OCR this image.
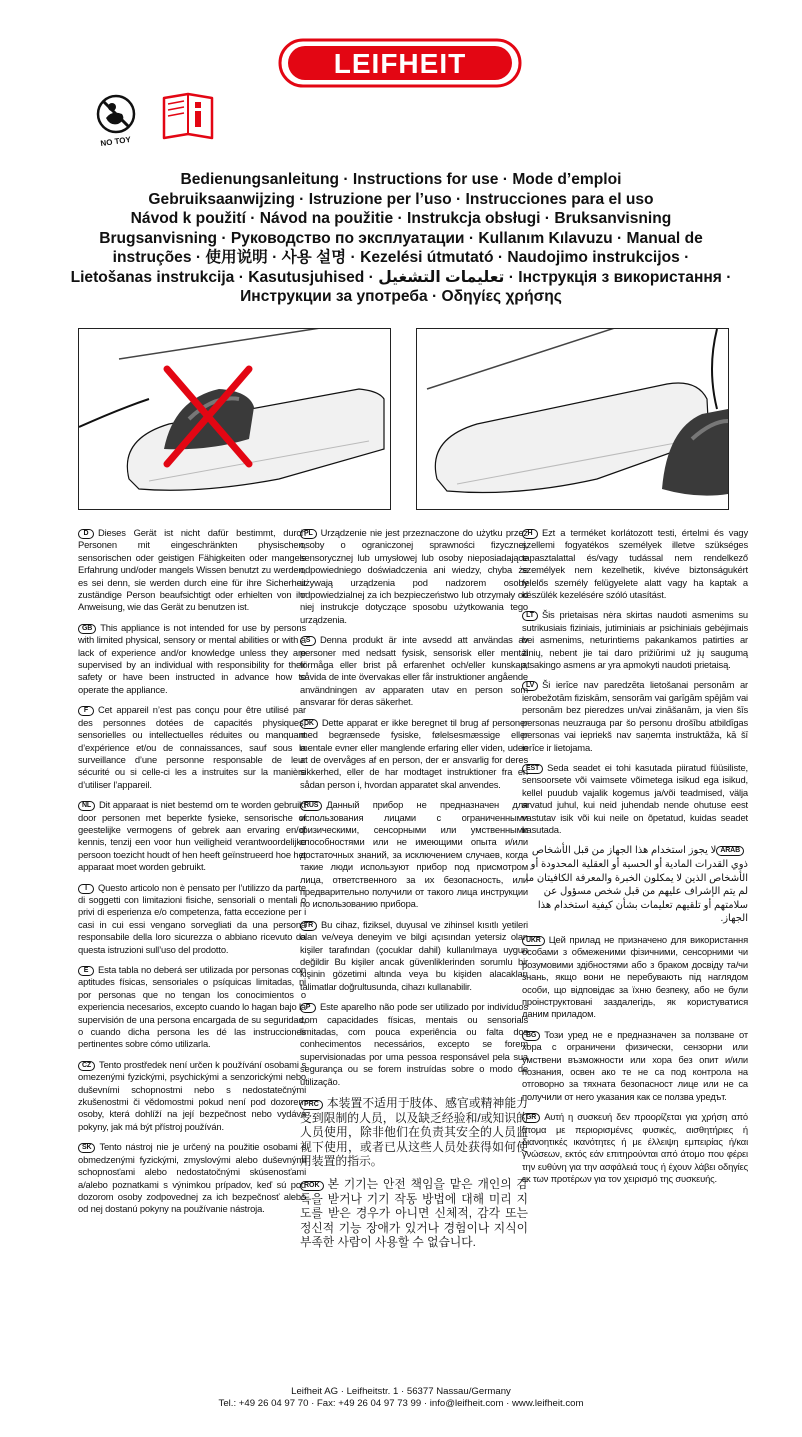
LEIFHEIT
NO TOY
Bedienungsanleitung · Instructions for use · Mode d’emploi
Gebruiksaanwijzing · Istruzione per l’uso · Instrucciones para el uso
Návod k použití · Návod na použitie · Instrukcja obsługi · Bruksanvisning
Brugsanvisning · Руководство по эксплуатации · Kullanım Kılavuzu · Manual de
instruções · 使用说明 · 사용 설명 · Kezelési útmutató · Naudojimo instrukcijos ·
Lietošanas instrukcija · Kasutusjuhised · تعليمات التشغيل · Інструкція з використання ·
Инструкции за употреба · Οδηγίες χρήσης

D Dieses Gerät ist nicht dafür bestimmt, durch Personen mit eingeschränkten physischen, sensorischen oder geistigen Fähigkeiten oder mangels Erfahrung und/oder mangels Wissen benutzt zu werden, es sei denn, sie werden durch eine für ihre Sicherheit zuständige Person beaufsichtigt oder erhielten von ihr Anweisung, wie das Gerät zu benutzen ist.

GB This appliance is not intended for use by persons with limited physical, sensory or mental abilities or with a lack of experience and/or knowledge unless they are supervised by an individual with responsibility for their safety or have been instructed in advance how to operate the appliance.

F Cet appareil n’est pas conçu pour être utilisé par des personnes dotées de capacités physiques, sensorielles ou intellectuelles réduites ou manquant d’expérience et/ou de connaissances, sauf sous la surveillance d’une personne responsable de leur sécurité ou si celle-ci les a instruites sur la manière d’utiliser l’appareil.

NL Dit apparaat is niet bestemd om te worden gebruikt door personen met beperkte fysieke, sensorische of geestelijke vermogens of gebrek aan ervaring en/of kennis, tenzij een voor hun veiligheid verantwoordelijke persoon toezicht houdt of hen heeft geïnstrueerd hoe het apparaat moet worden gebruikt.

I Questo articolo non è pensato per l’utilizzo da parte di soggetti con limitazioni fisiche, sensoriali o mentali o privi di esperienza e/o competenza, fatta eccezione per i casi in cui essi vengano sorvegliati da una persona responsabile della loro sicurezza o abbiano ricevuto da questa istruzioni sull’uso del prodotto.

E Esta tabla no deberá ser utilizada por personas con aptitudes físicas, sensoriales o psíquicas limitadas, ni por personas que no tengan los conocimientos o experiencia necesarios, excepto cuando lo hagan bajo la supervisión de una persona encargada de su seguridad, o cuando dicha persona les dé las instrucciones pertinentes sobre cómo utilizarla.

CZ Tento prostředek není určen k používání osobami s omezenými fyzickými, psychickými a senzorickými nebo duševními schopnostmi nebo s nedostatečnými zkušenostmi či vědomostmi pokud není pod dozorem osoby, která dohlíží na její bezpečnost nebo vydává pokyny, jak má být přístroj používán.

SK Tento nástroj nie je určený na použitie osobami s obmedzenými fyzickými, zmyslovými alebo duševnými schopnosťami alebo nedostatočnými skúsenosťami a/alebo poznatkami s výnimkou prípadov, keď sú pod dozorom osoby zodpovednej za ich bezpečnosť alebo od nej dostanú pokyny na používanie nástroja.

PL Urządzenie nie jest przeznaczone do użytku przez osoby o ograniczonej sprawności fizycznej, sensorycznej lub umysłowej lub osoby nieposiadające odpowiedniego doświadczenia ani wiedzy, chyba że używają urządzenia pod nadzorem osoby odpowiedzialnej za ich bezpieczeństwo lub otrzymały od niej instrukcje dotyczące sposobu użytkowania tego urządzenia.

S Denna produkt är inte avsedd att användas av personer med nedsatt fysisk, sensorisk eller mental förmåga eller brist på erfarenhet och/eller kunskap, såvida de inte övervakas eller får instruktioner angående användningen av apparaten utav en person som ansvarar för deras säkerhet.

DK Dette apparat er ikke beregnet til brug af personer med begrænsede fysiske, følelsesmæssige eller mentale evner eller manglende erfaring eller viden, uden at de overvåges af en person, der er ansvarlig for deres sikkerhed, eller de har modtaget instruktioner fra en sådan person i, hvordan apparatet skal anvendes.

RUS Данный прибор не предназначен для использования лицами с ограниченными физическими, сенсорными или умственными способностями или не имеющими опыта и/или достаточных знаний, за исключением случаев, когда такие люди используют прибор под присмотром лица, ответственного за их безопасность, или предварительно получили от такого лица инструкции по использованию прибора.

TR Bu cihaz, fiziksel, duyusal ve zihinsel kısıtlı yetileri olan ve/veya deneyim ve bilgi açısından yetersiz olan kişiler tarafından (çocuklar dahil) kullanılmaya uygun değildir Bu kişiler ancak güvenliklerinden sorumlu bir kişinin gözetimi altında veya bu kişiden alacakları talimatlar doğrultusunda, cihazı kullanabilir.

P Este aparelho não pode ser utilizado por indivíduos com capacidades físicas, mentais ou sensoriais limitadas, com pouca experiência ou falta dos conhecimentos necessários, excepto se forem supervisionadas por uma pessoa responsável pela sua segurança ou se forem instruídas sobre o modo de utilização.

PRC 本装置不适用于肢体、感官或精神能力受到限制的人员，以及缺乏经验和/或知识的人员使用，除非他们在负责其安全的人员监视下使用，或者已从这些人员处获得如何使用装置的指示。

ROK 본 기기는 안전 책임을 맡은 개인의 감독을 받거나 기기 작동 방법에 대해 미리 지도를 받은 경우가 아니면 신체적, 감각 또는 정신적 기능 장애가 있거나 경험이나 지식이 부족한 사람이 사용할 수 없습니다.

H Ezt a terméket korlátozott testi, értelmi és vagy szellemi fogyatékos személyek illetve szükséges tapasztalattal és/vagy tudással nem rendelkező személyek nem kezelhetik, kivéve biztonságukért felelős személy felügyelete alatt vagy ha kaptak a készülék kezelésére szóló utasítást.

LT Šis prietaisas nėra skirtas naudoti asmenims su sutrikusiais fiziniais, jutiminiais ar psichiniais gebėjimais bei asmenims, neturintiems pakankamos patirties ar žinių, nebent jie tai daro prižiūrimi už jų saugumą atsakingo asmens ar yra apmokyti naudoti prietaisą.

LV Ši ierīce nav paredzēta lietošanai personām ar ierobežotām fiziskām, sensorām vai garīgām spējām vai personām bez pieredzes un/vai zināšanām, ja vien šīs personas neuzrauga par šo personu drošību atbildīgas personas vai iepriekš nav saņemta instruktāža, kā šī ierīce ir lietojama.

EST Seda seadet ei tohi kasutada piiratud füüsiliste, sensoorsete või vaimsete võimetega isikud ega isikud, kellel puudub vajalik kogemus ja/või teadmised, välja arvatud juhul, kui neid juhendab nende ohutuse eest vastutav isik või kui neile on õpetatud, kuidas seadet kasutada.

ARABلا يجوز استخدام هذا الجهاز من قبل الأشخاص ذوي القدرات المادية أو الحسية أو العقلية المحدودة أو الأشخاص الذين لا يمكلون الخبرة والمعرفة الكافيتان ما لم يتم الإشراف عليهم من قبل شخص مسؤول عن سلامتهم أو تلقيهم تعليمات بشأن كيفية استخدام هذا الجهاز.

UKR Цей прилад не призначено для використання особами з обмеженими фізичними, сенсорними чи розумовими здібностями або з браком досвіду та/чи знань, якщо вони не перебувають під наглядом особи, що відповідає за їхню безпеку, або не були проінструктовані заздалегідь, як користуватися даним приладом.

BG Този уред не е предназначен за ползване от хора с ограничени физически, сензорни или умствени възможности или хора без опит и/или познания, освен ако те не са под контрола на отговорно за тяхната безопасност лице или не са получили от него указания как се ползва уредът.

GR Αυτή η συσκευή δεν προορίζεται για χρήση από άτομα με περιορισμένες φυσικές, αισθητήριες ή διανοητικές ικανότητες ή με έλλειψη εμπειρίας ή/και γνώσεων, εκτός εάν επιτηρούνται από άτομο που φέρει την ευθύνη για την ασφάλειά τους ή έχουν λάβει οδηγίες εκ των προτέρων για τον χειρισμό της συσκευής.

Leifheit AG · Leifheitstr. 1 · 56377 Nassau/Germany
Tel.: +49 26 04 97 70 · Fax: +49 26 04 97 73 99 · info@leifheit.com · www.leifheit.com
